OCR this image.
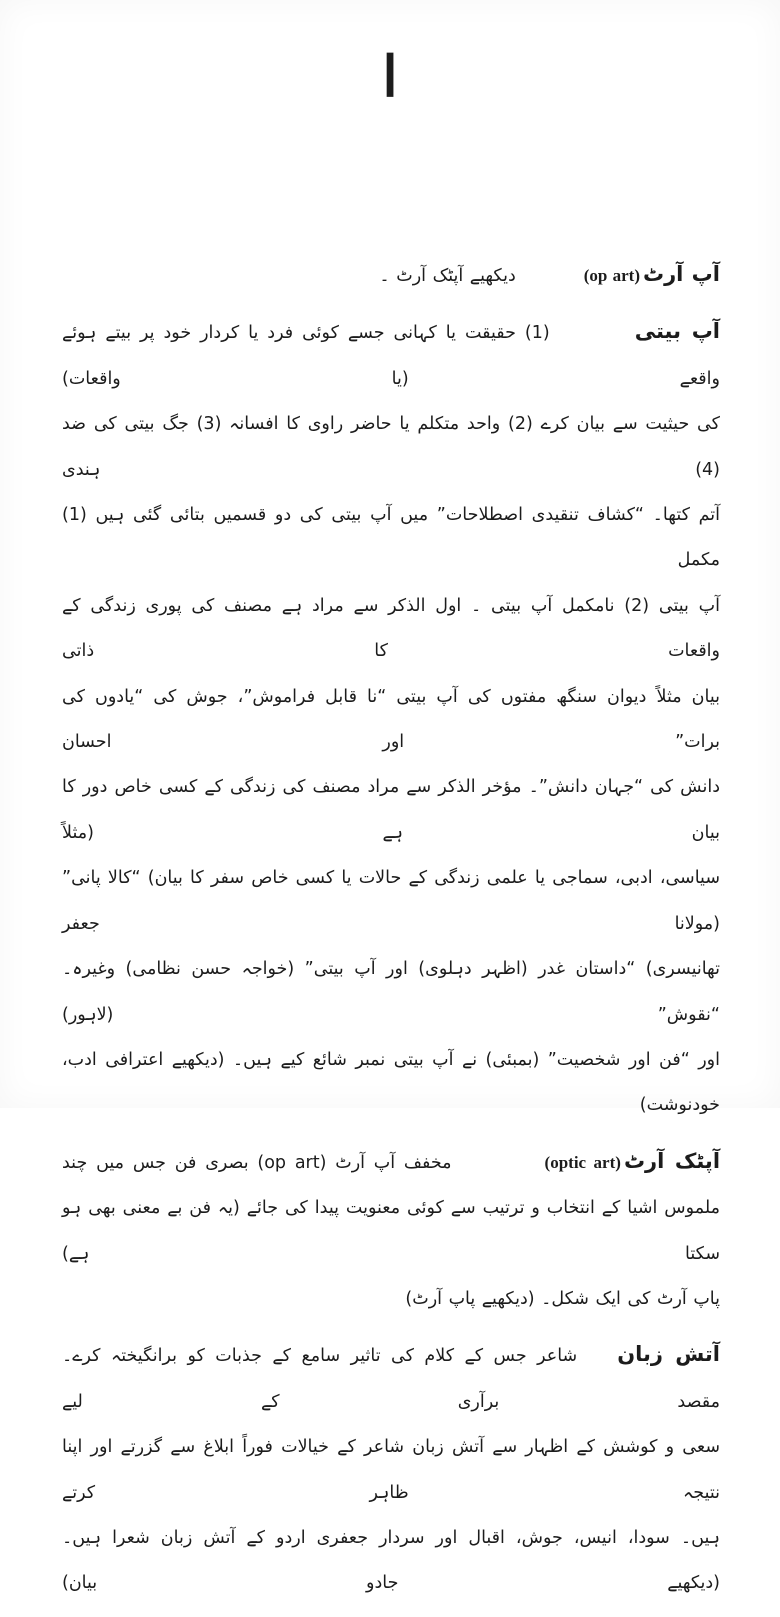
ا
آپ آرٹ(op art)دیکھیے آپٹک آرٹ ۔
آپ بیتی(1) حقیقت یا کہانی جسے کوئی فرد یا کردار خود پر بیتے ہوئے واقعے (یا واقعات)
کی حیثیت سے بیان کرے (2) واحد متکلم یا حاضر راوی کا افسانہ (3) جگ بیتی کی ضد (4) ہندی
آتم کتھا۔ “کشاف تنقیدی اصطلاحات” میں آپ بیتی کی دو قسمیں بتائی گئی ہیں (1) مکمل
آپ بیتی (2) نامکمل آپ بیتی ۔ اول الذکر سے مراد ہے مصنف کی پوری زندگی کے واقعات کا ذاتی
بیان مثلاً دیوان سنگھ مفتوں کی آپ بیتی “نا قابل فراموش”، جوش کی “یادوں کی برات” اور احسان
دانش کی “جہان دانش”۔ مؤخر الذکر سے مراد مصنف کی زندگی کے کسی خاص دور کا بیان ہے (مثلاً
سیاسی، ادبی، سماجی یا علمی زندگی کے حالات یا کسی خاص سفر کا بیان) “کالا پانی” (مولانا جعفر
تھانیسری) “داستان غدر (اظہر دہلوی) اور آپ بیتی” (خواجہ حسن نظامی) وغیرہ۔ “نقوش” (لاہور)
اور “فن اور شخصیت” (بمبئی) نے آپ بیتی نمبر شائع کیے ہیں۔ (دیکھیے اعترافی ادب، خودنوشت)
آپٹک آرٹ(optic art)مخفف آپ آرٹ (op art) بصری فن جس میں چند
ملموس اشیا کے انتخاب و ترتیب سے کوئی معنویت پیدا کی جائے (یہ فن بے معنی بھی ہو سکتا ہے)
پاپ آرٹ کی ایک شکل۔ (دیکھیے پاپ آرٹ)
آتش زبانشاعر جس کے کلام کی تاثیر سامع کے جذبات کو برانگیختہ کرے۔ مقصد برآری کے لیے
سعی و کوشش کے اظہار سے آتش زبان شاعر کے خیالات فوراً ابلاغ سے گزرتے اور اپنا نتیجہ ظاہر کرتے
ہیں۔ سودا، انیس، جوش، اقبال اور سردار جعفری اردو کے آتش زبان شعرا ہیں۔ (دیکھیے جادو بیان)
